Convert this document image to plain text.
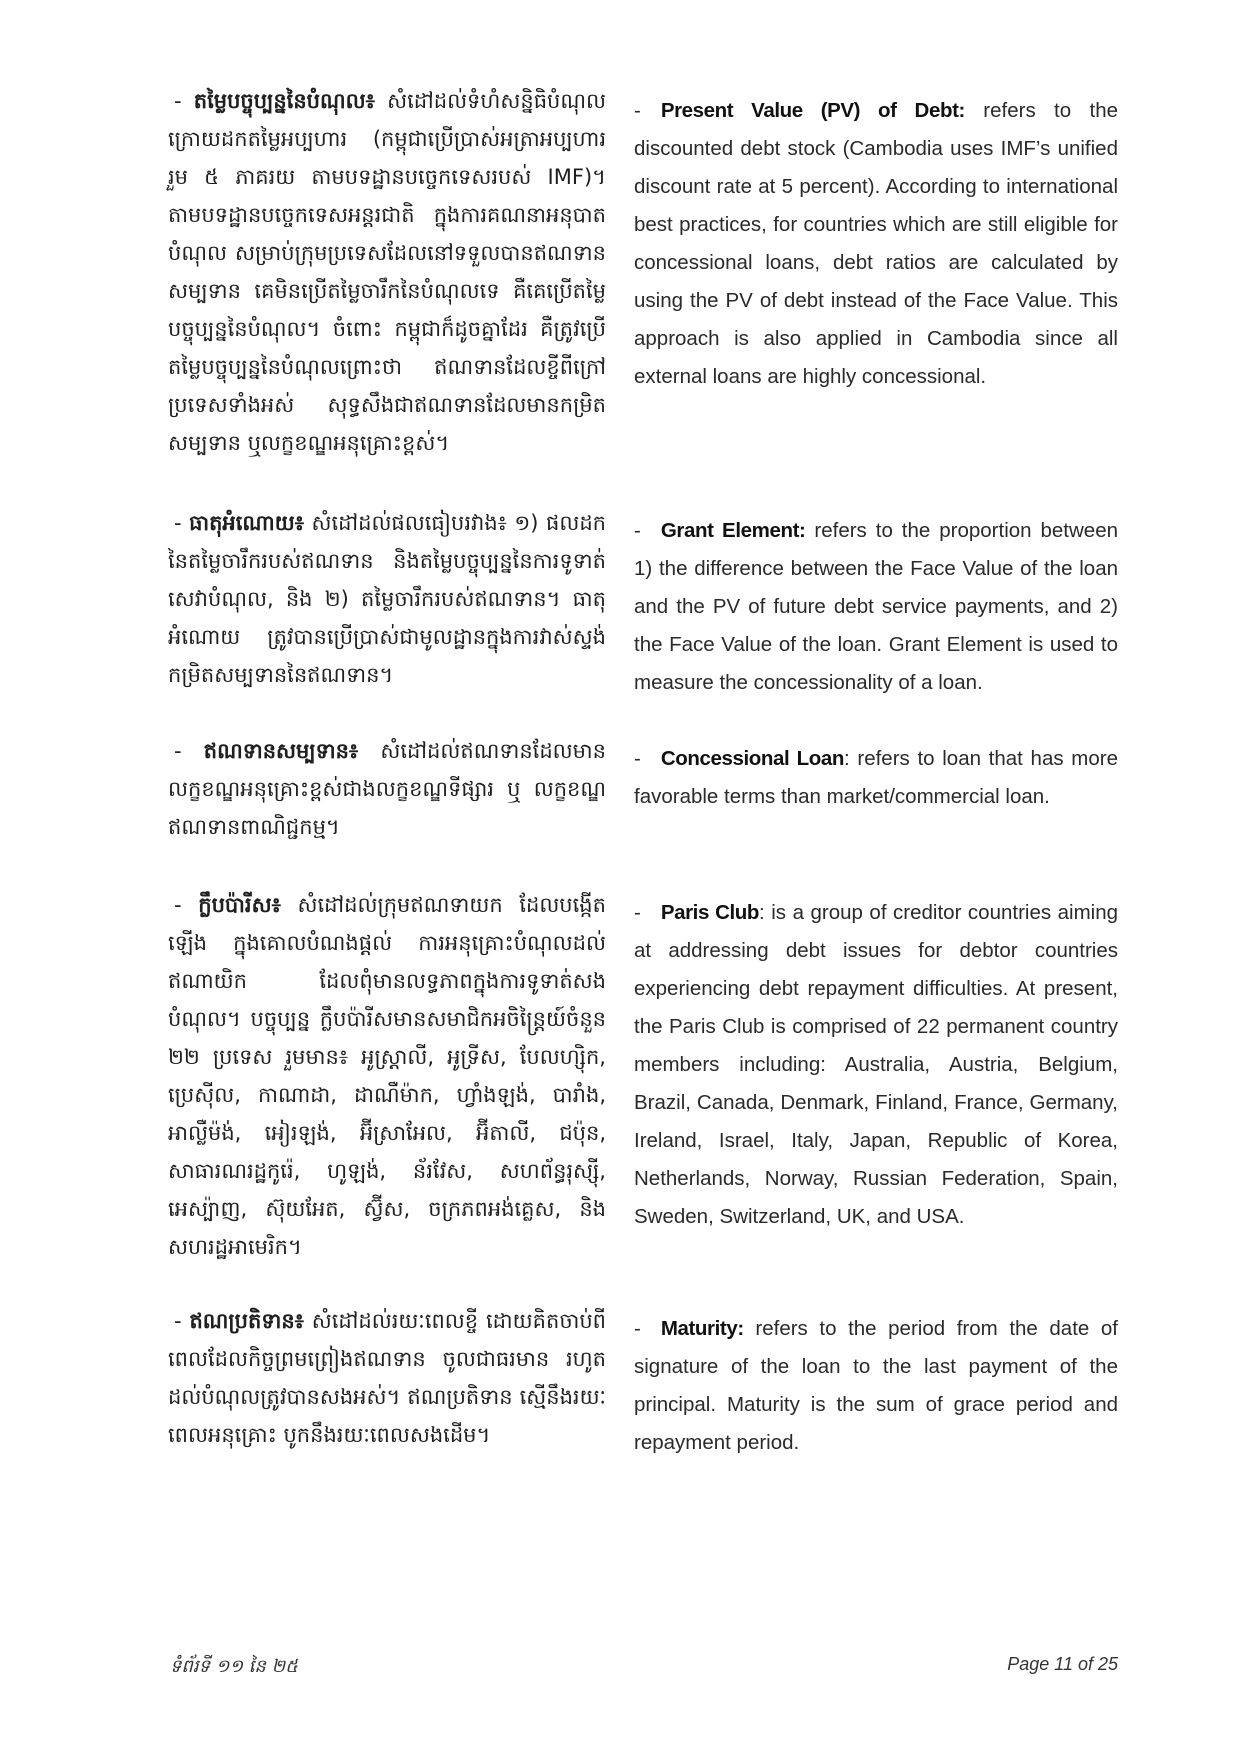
- តម្លៃបច្ចុប្បន្ននៃបំណុល៖ សំដៅដល់ទំហំសន្និធិបំណុល ក្រោយដកតម្លៃអប្បហារ (កម្ពុជាប្រើប្រាស់អត្រាអប្បហាររួម ៥ ភាគរយ តាមបទដ្ឋានបច្ចេកទេសរបស់ IMF)។ តាមបទដ្ឋានបច្ចេកទេសអន្តរជាតិ ក្នុងការគណនាអនុបាតបំណុល សម្រាប់ក្រុមប្រទេសដែលនៅទទួលបានឥណទានសម្បទាន គេមិនប្រើតម្លៃចារឹកនៃបំណុលទេ គឺគេប្រើតម្លៃបច្ចុប្បន្ននៃបំណុល។ ចំពោះ កម្ពុជាក៏ដូចគ្នាដែរ គឺត្រូវប្រើតម្លៃបច្ចុប្បន្ននៃបំណុលព្រោះថា ឥណទានដែលខ្ចីពីក្រៅប្រទេសទាំងអស់ សុទ្ធសឹងជាឥណទានដែលមានកម្រិតសម្បទាន ឬលក្ខខណ្ឌអនុគ្រោះខ្ពស់។

- Present Value (PV) of Debt: refers to the discounted debt stock (Cambodia uses IMF’s unified discount rate at 5 percent). According to international best practices, for countries which are still eligible for concessional loans, debt ratios are calculated by using the PV of debt instead of the Face Value. This approach is also applied in Cambodia since all external loans are highly concessional.

- ធាតុអំណោយ៖ សំដៅដល់ផលធៀបរវាង៖ ១) ផលដកនៃតម្លៃចារឹករបស់ឥណទាន និងតម្លៃបច្ចុប្បន្ននៃការទូទាត់សេវាបំណុល, និង ២) តម្លៃចារឹករបស់ឥណទាន។ ធាតុអំណោយ ត្រូវបានប្រើប្រាស់ជាមូលដ្ឋានក្នុងការវាស់ស្ទង់កម្រិតសម្បទាននៃឥណទាន។

- Grant Element: refers to the proportion between 1) the difference between the Face Value of the loan and the PV of future debt service payments, and 2) the Face Value of the loan. Grant Element is used to measure the concessionality of a loan.

- ឥណទានសម្បទាន៖ សំដៅដល់ឥណទានដែលមានលក្ខខណ្ឌអនុគ្រោះខ្ពស់ជាងលក្ខខណ្ឌទីផ្សារ ឬ លក្ខខណ្ឌឥណទានពាណិជ្ជកម្ម។

- Concessional Loan: refers to loan that has more favorable terms than market/commercial loan.

- ក្លឹបប៉ារីស៖ សំដៅដល់ក្រុមឥណទាយក ដែលបង្កើតឡើង ក្នុងគោលបំណងផ្តល់ ការអនុគ្រោះបំណុលដល់ឥណាយិក ដែលពុំមានលទ្ធភាពក្នុងការទូទាត់សងបំណុល។ បច្ចុប្បន្ន ក្លឹបប៉ារីសមានសមាជិកអចិន្ត្រៃយ៍ចំនួន ២២ ប្រទេស រួមមាន៖ អូស្ត្រាលី, អូទ្រីស, បែលហ្ស៊ិក, ប្រេស៊ីល, កាណាដា, ដាណឺម៉ាក, ហ្វាំងឡង់, បារាំង, អាល្លឺម៉ង់, អៀរឡង់, អ៊ីស្រាអែល, អ៊ីតាលី, ជប៉ុន, សាធារណរដ្ឋកូរ៉េ, ហូឡង់, ន័រវែស, សហព័ន្ធរុស្ស៊ី, អេស្ប៉ាញ, ស៊ុយអែត, ស្វ៊ីស, ចក្រភពអង់គ្លេស, និង សហរដ្ឋអាមេរិក។

- Paris Club: is a group of creditor countries aiming at addressing debt issues for debtor countries experiencing debt repayment difficulties. At present, the Paris Club is comprised of 22 permanent country members including: Australia, Austria, Belgium, Brazil, Canada, Denmark, Finland, France, Germany, Ireland, Israel, Italy, Japan, Republic of Korea, Netherlands, Norway, Russian Federation, Spain, Sweden, Switzerland, UK, and USA.

- ឥណប្រតិទាន៖ សំដៅដល់រយៈពេលខ្ចី ដោយគិតចាប់ពីពេលដែលកិច្ចព្រមព្រៀងឥណទាន ចូលជាធរមាន រហូតដល់បំណុលត្រូវបានសងអស់។ ឥណប្រតិទាន ស្មើនឹងរយៈពេលអនុគ្រោះ បូកនឹងរយៈពេលសងដើម។

- Maturity: refers to the period from the date of signature of the loan to the last payment of the principal. Maturity is the sum of grace period and repayment period.

ទំព័រទី ១១ នៃ ២៥	Page 11 of 25
